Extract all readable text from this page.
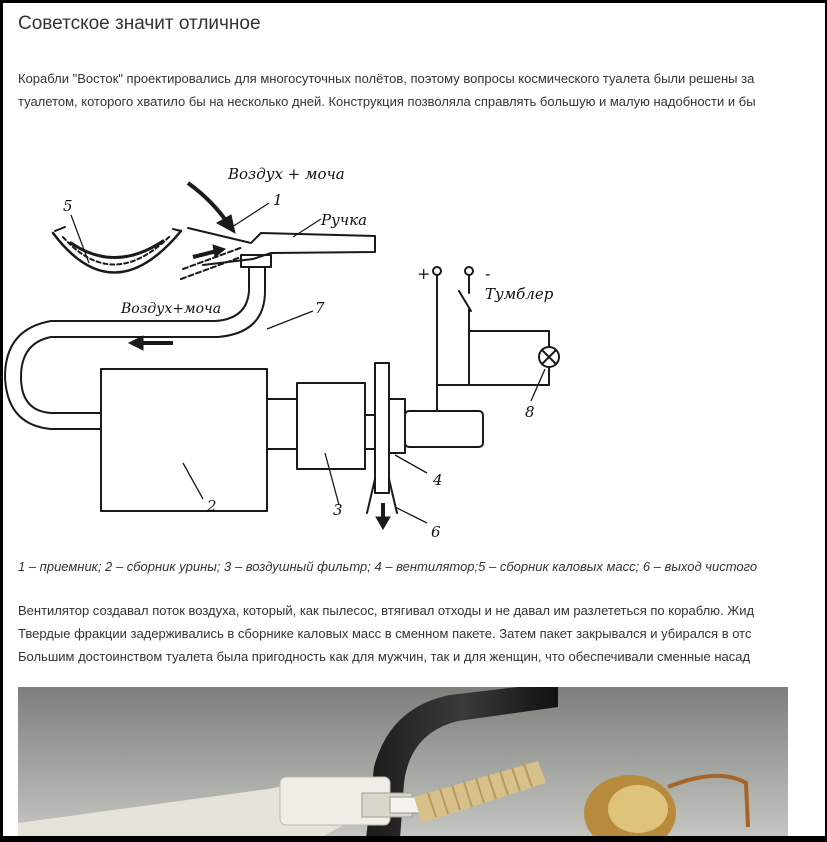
Советское значит отличное

Корабли "Восток" проектировались для многосуточных полётов, поэтому вопросы космического туалета были решены за
туалетом, которого хватило бы на несколько дней. Конструкция позволяла справлять большую и малую надобности и бы

Воздух + моча
Воздух+моча
Ручка
Тумблер
+	-
1
2	3
4
5
6
7
8

1 – приемник; 2 – сборник урины; 3 – воздушный фильтр; 4 – вентилятор;5 – сборник каловых масс; 6 – выход чистого

Вентилятор создавал поток воздуха, который, как пылесос, втягивал отходы и не давал им разлететься по кораблю. Жид
Твердые фракции задерживались в сборнике каловых масс в сменном пакете. Затем пакет закрывался и убирался в отс
Большим достоинством туалета была пригодность как для мужчин, так и для женщин, что обеспечивали сменные насад
